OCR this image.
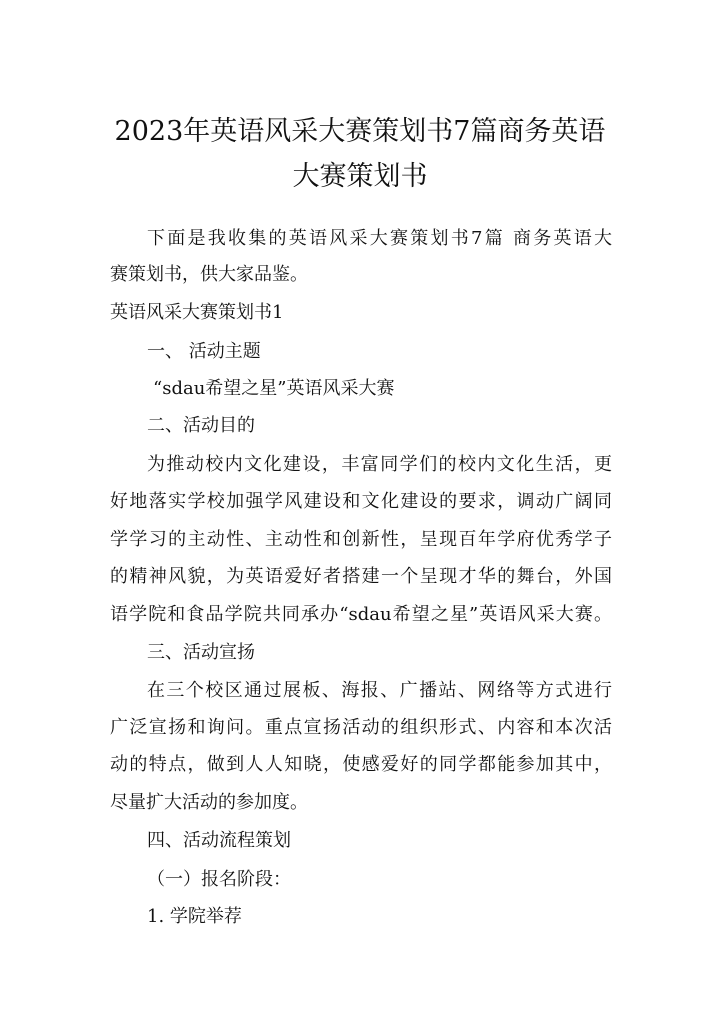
2023年英语风采大赛策划书7篇商务英语
大赛策划书
下面是我收集的英语风采大赛策划书7篇 商务英语大
赛策划书，供大家品鉴。
英语风采大赛策划书1
一、 活动主题
“sdau希望之星”英语风采大赛
二、活动目的
为推动校内文化建设，丰富同学们的校内文化生活，更
好地落实学校加强学风建设和文化建设的要求，调动广阔同
学学习的主动性、主动性和创新性，呈现百年学府优秀学子
的精神风貌，为英语爱好者搭建一个呈现才华的舞台，外国
语学院和食品学院共同承办“sdau希望之星”英语风采大赛。
三、活动宣扬
在三个校区通过展板、海报、广播站、网络等方式进行
广泛宣扬和询问。重点宣扬活动的组织形式、内容和本次活
动的特点，做到人人知晓，使感爱好的同学都能参加其中，
尽量扩大活动的参加度。
四、活动流程策划
（一）报名阶段：
1. 学院举荐
